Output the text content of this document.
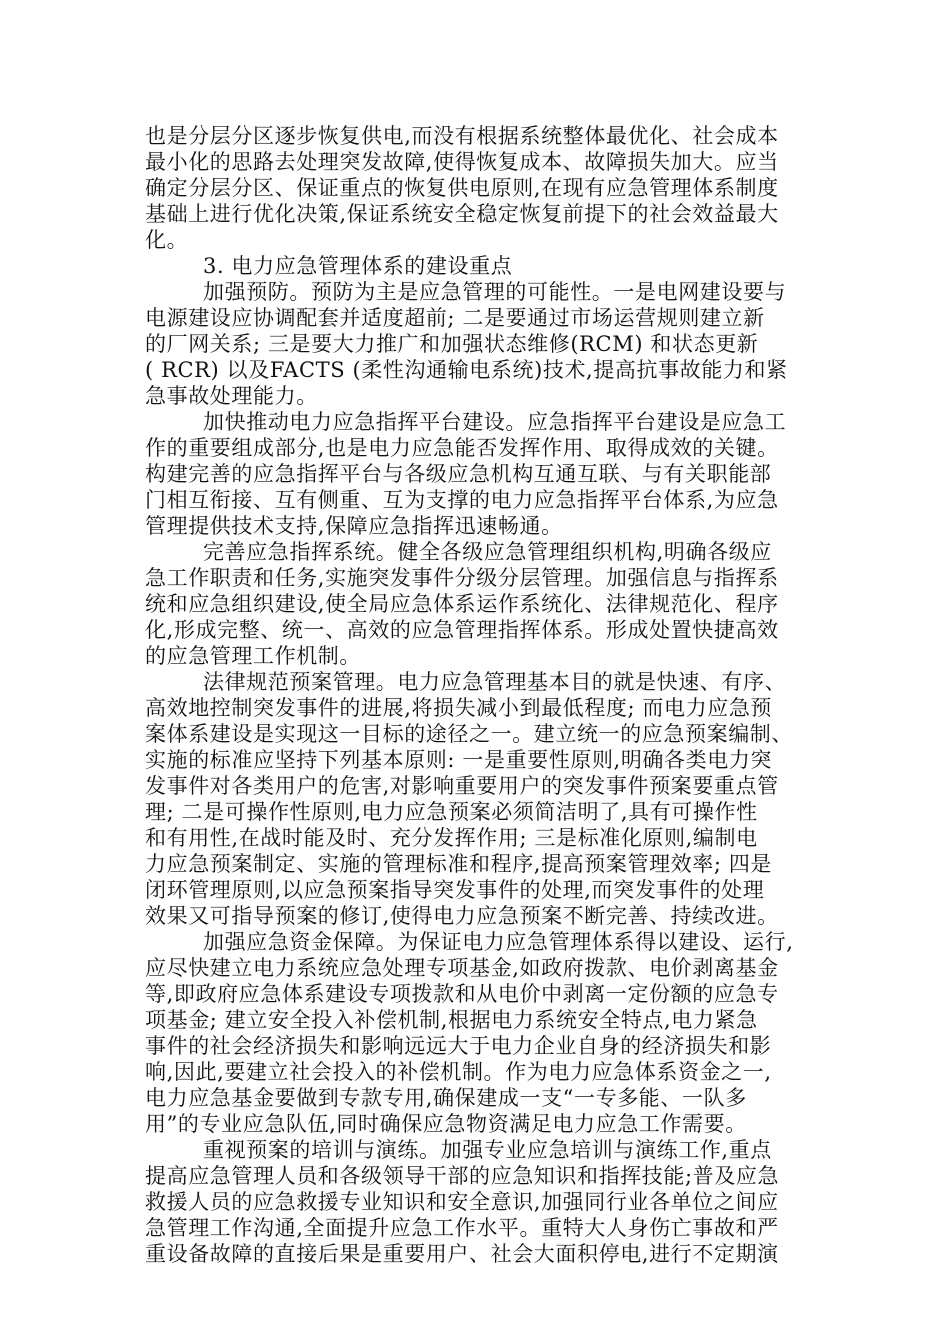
也是分层分区逐步恢复供电,而没有根据系统整体最优化、社会成本
最小化的思路去处理突发故障,使得恢复成本、故障损失加大。应当
确定分层分区、保证重点的恢复供电原则,在现有应急管理体系制度
基础上进行优化决策,保证系统安全稳定恢复前提下的社会效益最大
化。
3. 电力应急管理体系的建设重点
加强预防。预防为主是应急管理的可能性。一是电网建设要与
电源建设应协调配套并适度超前; 二是要通过市场运营规则建立新
的厂网关系; 三是要大力推广和加强状态维修(RCM) 和状态更新
( RCR) 以及FACTS (柔性沟通输电系统)技术,提高抗事故能力和紧
急事故处理能力。
加快推动电力应急指挥平台建设。应急指挥平台建设是应急工
作的重要组成部分,也是电力应急能否发挥作用、取得成效的关键。
构建完善的应急指挥平台与各级应急机构互通互联、与有关职能部
门相互衔接、互有侧重、互为支撑的电力应急指挥平台体系,为应急
管理提供技术支持,保障应急指挥迅速畅通。
完善应急指挥系统。健全各级应急管理组织机构,明确各级应
急工作职责和任务,实施突发事件分级分层管理。加强信息与指挥系
统和应急组织建设,使全局应急体系运作系统化、法律规范化、程序
化,形成完整、统一、高效的应急管理指挥体系。形成处置快捷高效
的应急管理工作机制。
法律规范预案管理。电力应急管理基本目的就是快速、有序、
高效地控制突发事件的进展,将损失减小到最低程度; 而电力应急预
案体系建设是实现这一目标的途径之一。建立统一的应急预案编制、
实施的标准应坚持下列基本原则: 一是重要性原则,明确各类电力突
发事件对各类用户的危害,对影响重要用户的突发事件预案要重点管
理; 二是可操作性原则,电力应急预案必须简洁明了,具有可操作性
和有用性,在战时能及时、充分发挥作用; 三是标准化原则,编制电
力应急预案制定、实施的管理标准和程序,提高预案管理效率; 四是
闭环管理原则,以应急预案指导突发事件的处理,而突发事件的处理
效果又可指导预案的修订,使得电力应急预案不断完善、持续改进。
加强应急资金保障。为保证电力应急管理体系得以建设、运行,
应尽快建立电力系统应急处理专项基金,如政府拨款、电价剥离基金
等,即政府应急体系建设专项拨款和从电价中剥离一定份额的应急专
项基金; 建立安全投入补偿机制,根据电力系统安全特点,电力紧急
事件的社会经济损失和影响远远大于电力企业自身的经济损失和影
响,因此,要建立社会投入的补偿机制。作为电力应急体系资金之一,
电力应急基金要做到专款专用,确保建成一支“一专多能、一队多
用”的专业应急队伍,同时确保应急物资满足电力应急工作需要。
重视预案的培训与演练。加强专业应急培训与演练工作,重点
提高应急管理人员和各级领导干部的应急知识和指挥技能;普及应急
救援人员的应急救援专业知识和安全意识,加强同行业各单位之间应
急管理工作沟通,全面提升应急工作水平。重特大人身伤亡事故和严
重设备故障的直接后果是重要用户、社会大面积停电,进行不定期演
